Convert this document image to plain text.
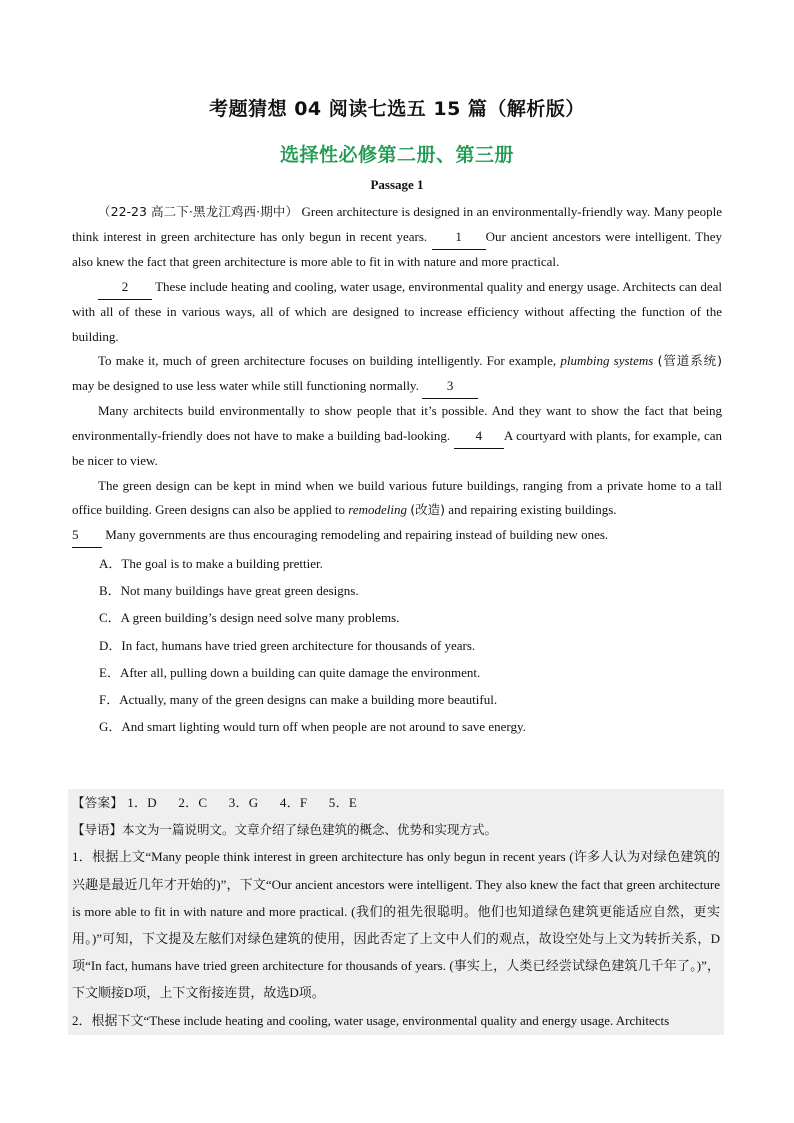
考题猜想 04 阅读七选五 15 篇（解析版）
选择性必修第二册、第三册
Passage 1

（22-23 高二下·黑龙江鸡西·期中） Green architecture is designed in an environmentally-friendly way. Many people think interest in green architecture has only begun in recent years. 1 Our ancient ancestors were intelligent. They also knew the fact that green architecture is more able to fit in with nature and more practical.

2 These include heating and cooling, water usage, environmental quality and energy usage. Architects can deal with all of these in various ways, all of which are designed to increase efficiency without affecting the function of the building.

To make it, much of green architecture focuses on building intelligently. For example, plumbing systems (管道系统) may be designed to use less water while still functioning normally. 3

Many architects build environmentally to show people that it’s possible. And they want to show the fact that being environmentally-friendly does not have to make a building bad-looking. 4 A courtyard with plants, for example, can be nicer to view.

The green design can be kept in mind when we build various future buildings, ranging from a private home to a tall office building. Green designs can also be applied to remodeling (改造) and repairing existing buildings.

5 Many governments are thus encouraging remodeling and repairing instead of building new ones.
A．The goal is to make a building prettier.
B．Not many buildings have great green designs.
C．A green building’s design need solve many problems.
D．In fact, humans have tried green architecture for thousands of years.
E．After all, pulling down a building can quite damage the environment.
F．Actually, many of the green designs can make a building more beautiful.
G．And smart lighting would turn off when people are not around to save energy.
【答案】 1．D 2．C 3．G 4．F 5．E
【导语】本文为一篇说明文。文章介绍了绿色建筑的概念、优势和实现方式。
1．根据上文“Many people think interest in green architecture has only begun in recent years (许多人认为对绿色建筑的兴趣是最近几年才开始的)”，下文“Our ancient ancestors were intelligent. They also knew the fact that green architecture is more able to fit in with nature and more practical. (我们的祖先很聪明。他们也知道绿色建筑更能适应自然，更实用。)”可知，下文提及左舷们对绿色建筑的使用，因此否定了上文中人们的观点，故设空处与上文为转折关系，D项“In fact, humans have tried green architecture for thousands of years. (事实上，人类已经尝试绿色建筑几千年了。)”，下文顺接D项，上下文衔接连贯，故选D项。
2．根据下文“These include heating and cooling, water usage, environmental quality and energy usage. Architects
